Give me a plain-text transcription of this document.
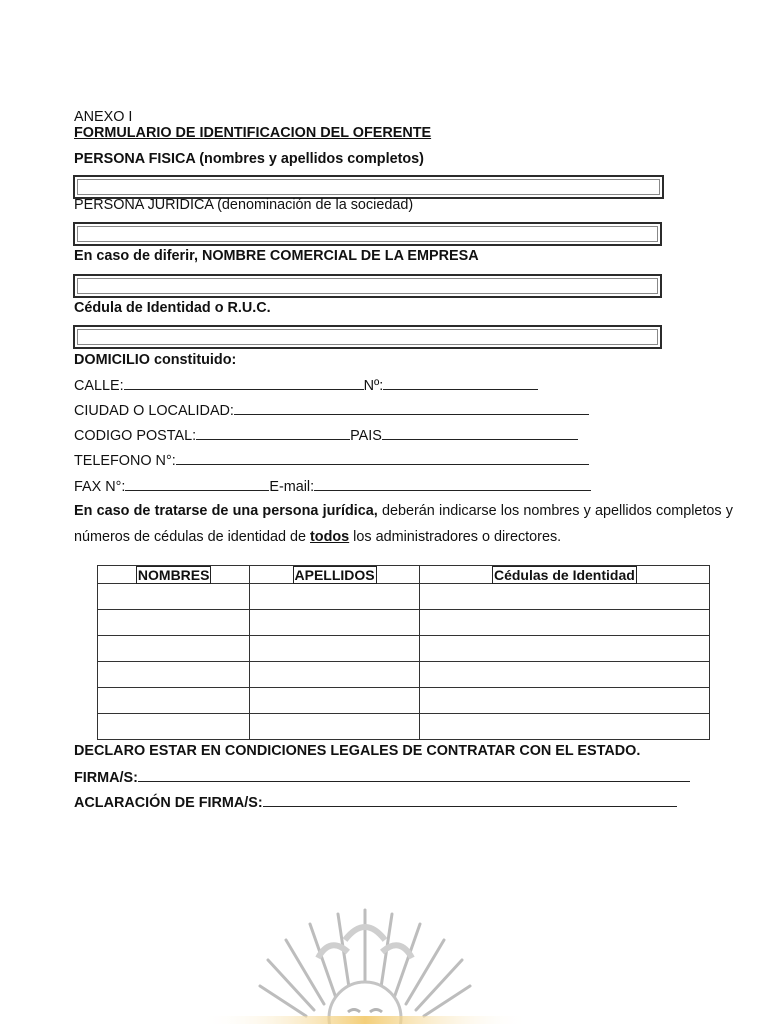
ANEXO I
FORMULARIO DE IDENTIFICACION DEL OFERENTE
PERSONA FISICA (nombres y apellidos completos)
PERSONA JURIDICA (denominación de la sociedad)
En caso de diferir, NOMBRE COMERCIAL DE LA EMPRESA
Cédula de Identidad o R.U.C.
DOMICILIO constituido:
CALLE:	Nº:
CIUDAD O LOCALIDAD:
CODIGO POSTAL:	PAIS
TELEFONO N°:
FAX N°:	E-mail:
En caso de tratarse de una persona jurídica, deberán indicarse los nombres y apellidos completos y números de cédulas de identidad de todos los administradores o directores.
NOMBRES	APELLIDOS	Cédulas de Identidad

DECLARO ESTAR EN CONDICIONES LEGALES DE CONTRATAR CON EL ESTADO.
FIRMA/S:
ACLARACIÓN DE FIRMA/S:
